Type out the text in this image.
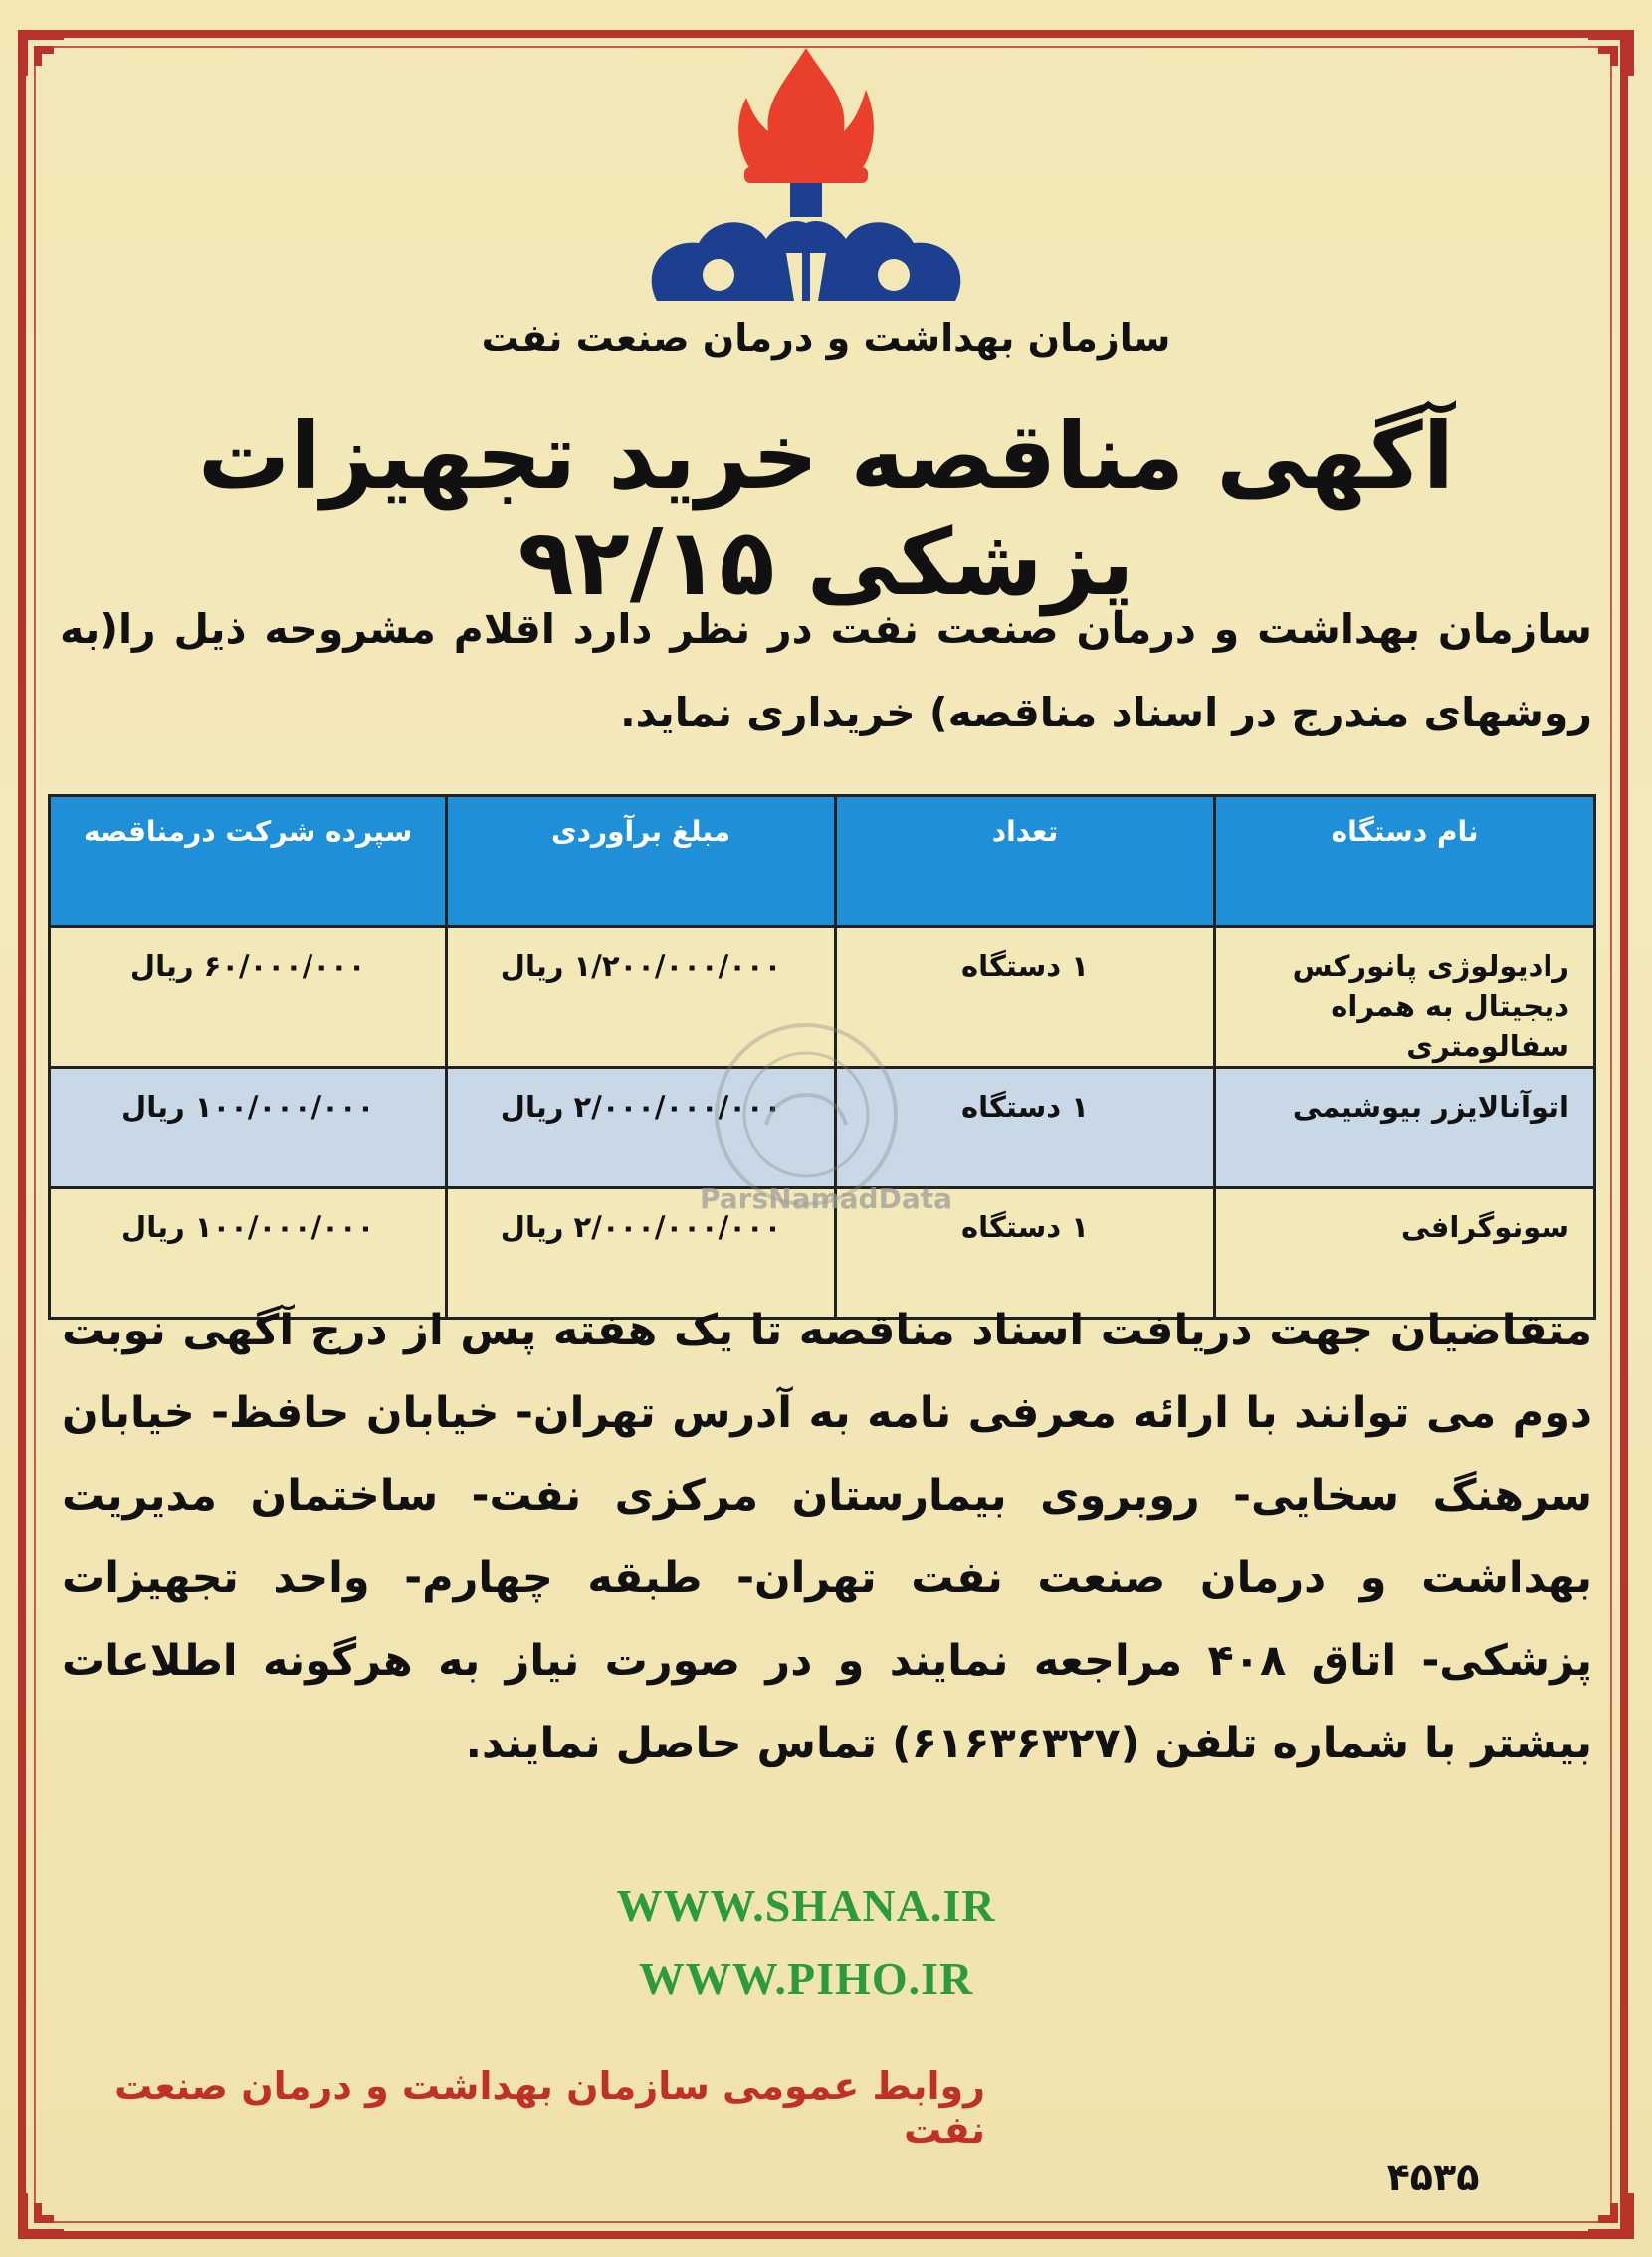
سازمان بهداشت و درمان صنعت نفت
آگهی مناقصه خرید تجهیزات پزشکی ۹۲/۱۵
سازمان بهداشت و درمان صنعت نفت در نظر دارد اقلام مشروحه ذیل را(به روشهای مندرج در اسناد مناقصه) خریداری نماید.
نام دستگاه	تعداد	مبلغ برآوردی	سپرده شرکت درمناقصه
رادیولوژی پانورکس دیجیتال به همراه سفالومتری	۱ دستگاه	۱/۲۰۰/۰۰۰/۰۰۰ ریال	۶۰/۰۰۰/۰۰۰ ریال
اتوآنالایزر بیوشیمی	۱ دستگاه	۲/۰۰۰/۰۰۰/۰۰۰ ریال	۱۰۰/۰۰۰/۰۰۰ ریال
سونوگرافی	۱ دستگاه	۲/۰۰۰/۰۰۰/۰۰۰ ریال	۱۰۰/۰۰۰/۰۰۰ ریال
ParsNamadData
متقاضیان جهت دریافت اسناد مناقصه تا یک هفته پس از درج آگهی نوبت دوم می توانند با ارائه معرفی نامه به آدرس تهران- خیابان حافظ- خیابان سرهنگ سخایی- روبروی بیمارستان مرکزی نفت- ساختمان مدیریت بهداشت و درمان صنعت نفت تهران- طبقه چهارم- واحد تجهیزات پزشکی- اتاق ۴۰۸ مراجعه نمایند و در صورت نیاز به هرگونه اطلاعات بیشتر با شماره تلفن (۶۱۶۳۶۳۲۷) تماس حاصل نمایند.
WWW.SHANA.IR
WWW.PIHO.IR
روابط عمومی سازمان بهداشت و درمان صنعت نفت
۴۵۳۵
